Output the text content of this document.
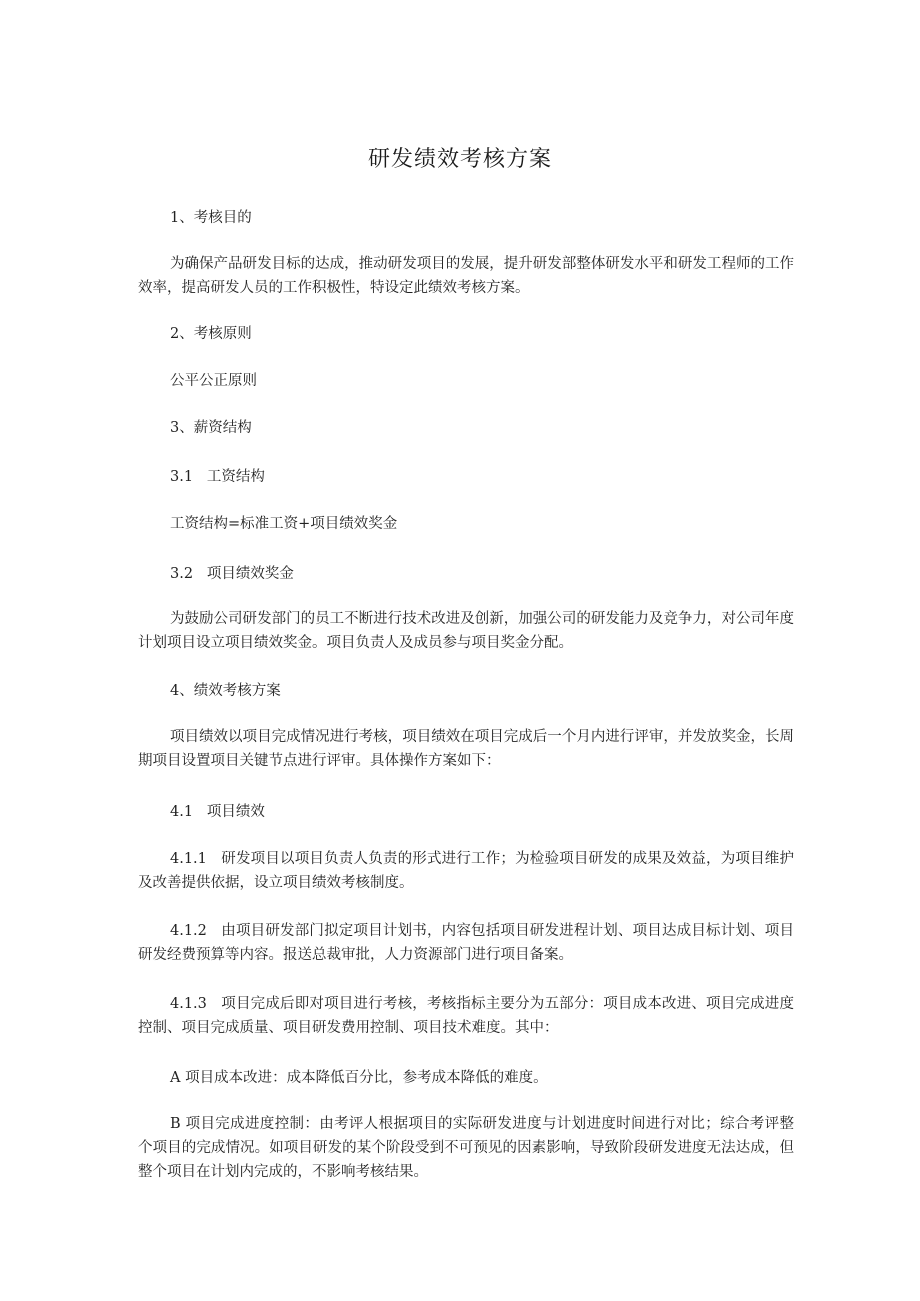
研发绩效考核方案
1、考核目的
为确保产品研发目标的达成，推动研发项目的发展，提升研发部整体研发水平和研发工程师的工作效率，提高研发人员的工作积极性，特设定此绩效考核方案。
2、考核原则
公平公正原则
3、薪资结构
3.1   工资结构
工资结构=标准工资+项目绩效奖金
3.2   项目绩效奖金
为鼓励公司研发部门的员工不断进行技术改进及创新，加强公司的研发能力及竞争力，对公司年度计划项目设立项目绩效奖金。项目负责人及成员参与项目奖金分配。
4、绩效考核方案
项目绩效以项目完成情况进行考核，项目绩效在项目完成后一个月内进行评审，并发放奖金，长周期项目设置项目关键节点进行评审。具体操作方案如下：
4.1   项目绩效
4.1.1   研发项目以项目负责人负责的形式进行工作；为检验项目研发的成果及效益，为项目维护及改善提供依据，设立项目绩效考核制度。
4.1.2   由项目研发部门拟定项目计划书，内容包括项目研发进程计划、项目达成目标计划、项目研发经费预算等内容。报送总裁审批，人力资源部门进行项目备案。
4.1.3   项目完成后即对项目进行考核，考核指标主要分为五部分：项目成本改进、项目完成进度控制、项目完成质量、项目研发费用控制、项目技术难度。其中：
A 项目成本改进：成本降低百分比，参考成本降低的难度。
B 项目完成进度控制：由考评人根据项目的实际研发进度与计划进度时间进行对比；综合考评整个项目的完成情况。如项目研发的某个阶段受到不可预见的因素影响，导致阶段研发进度无法达成，但整个项目在计划内完成的，不影响考核结果。
